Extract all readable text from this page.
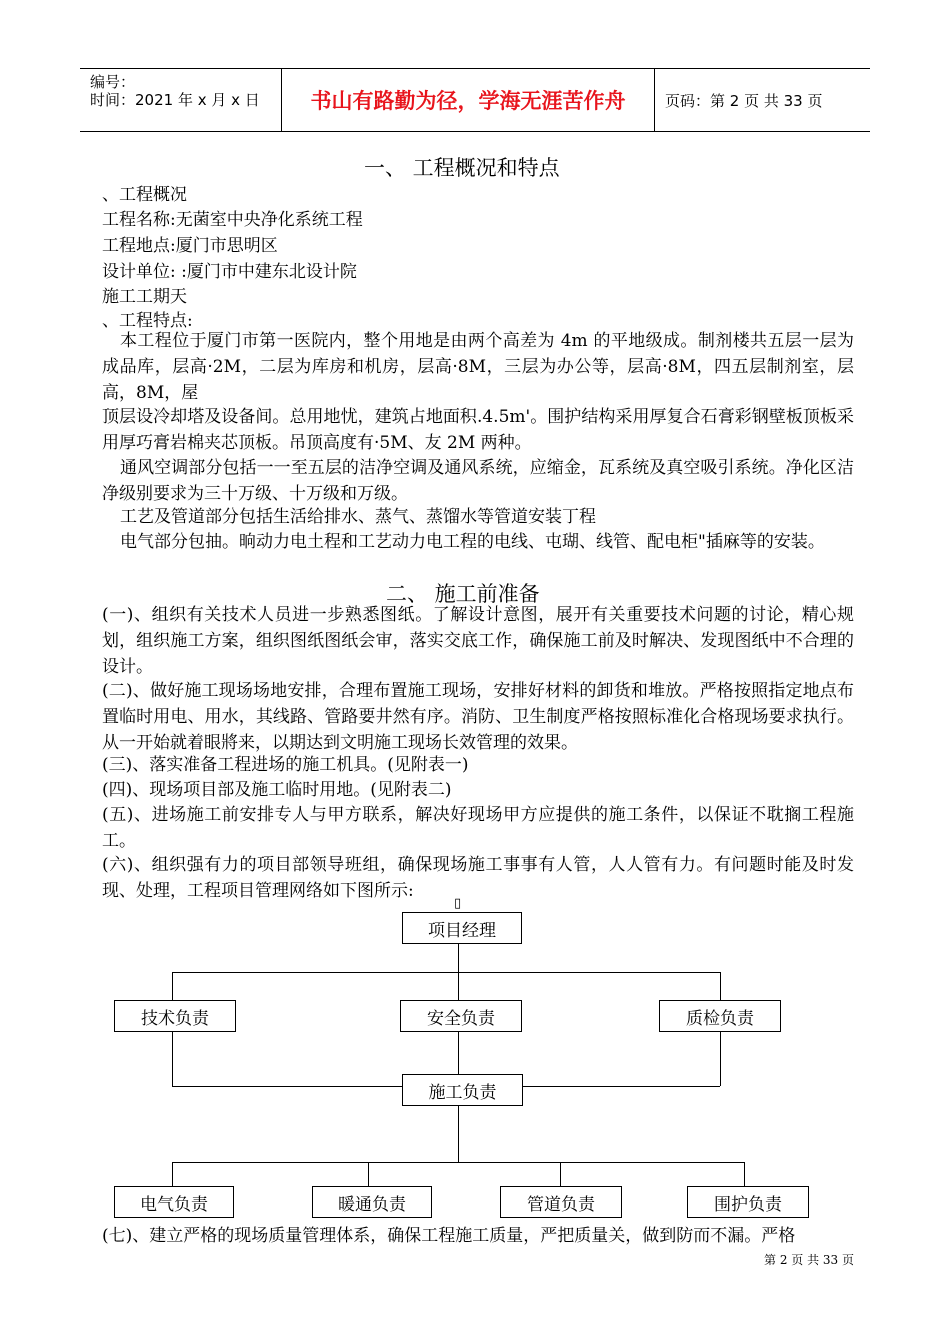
编号：
时间：2021 年 x 月 x 日	书山有路勤为径，学海无涯苦作舟	页码：第 2 页 共 33 页
一、 工程概况和特点
、工程概况
工程名称:无菌室中央净化系统工程
工程地点:厦门市思明区
设计单位: :厦门市中建东北设计院
施工工期天
、工程特点:
本工程位于厦门市第一医院内，整个用地是由两个高差为 4m 的平地级成。制剂楼共五层一层为成品库，层高·2M，二层为库房和机房，层高·8M，三层为办公等，层高·8M，四五层制剂室，层高，8M，屋
顶层设冷却塔及设备间。总用地忧，建筑占地面积.4.5m'。围护结构采用厚复合石膏彩钢壁板顶板采用厚巧膏岩棉夹芯顶板。吊顶高度有·5M、友 2M 两种。
通风空调部分包括一一至五层的洁净空调及通风系统，应缩金，瓦系统及真空吸引系统。净化区洁净级别要求为三十万级、十万级和万级。
工艺及管道部分包括生活给排水、蒸气、蒸馏水等管道安装丁程
电气部分包抽。晌动力电土程和工艺动力电工程的电线、屯瑚、线管、配电柜"插麻等的安装。
二、 施工前准备
(一)、组织有关技术人员进一步熟悉图纸。了解设计意图，展开有关重要技术问题的讨论，精心规划，组织施工方案，组织图纸图纸会审，落实交底工作，确保施工前及时解决、发现图纸中不合理的设计。
(二)、做好施工现场场地安排，合理布置施工现场，安排好材料的卸货和堆放。严格按照指定地点布置临时用电、用水，其线路、管路要井然有序。消防、卫生制度严格按照标准化合格现场要求执行。从一开始就着眼將来，以期达到文明施工现场长效管理的效果。
(三)、落实准备工程进场的施工机具。(见附表一)
(四)、现场项目部及施工临时用地。(见附表二)
(五)、进场施工前安排专人与甲方联系，解决好现场甲方应提供的施工条件，以保证不耽搁工程施工。
(六)、组织强有力的项目部领导班组，确保现场施工事事有人管，人人管有力。有问题时能及时发现、处理，工程项目管理网络如下图所示:
▯
项目经理
技术负责	安全负责	质检负责
施工负责
电气负责	暖通负责	管道负责	围护负责
(七)、建立严格的现场质量管理体系，确保工程施工质量，严把质量关，做到防而不漏。严格
第 2 页 共 33 页
